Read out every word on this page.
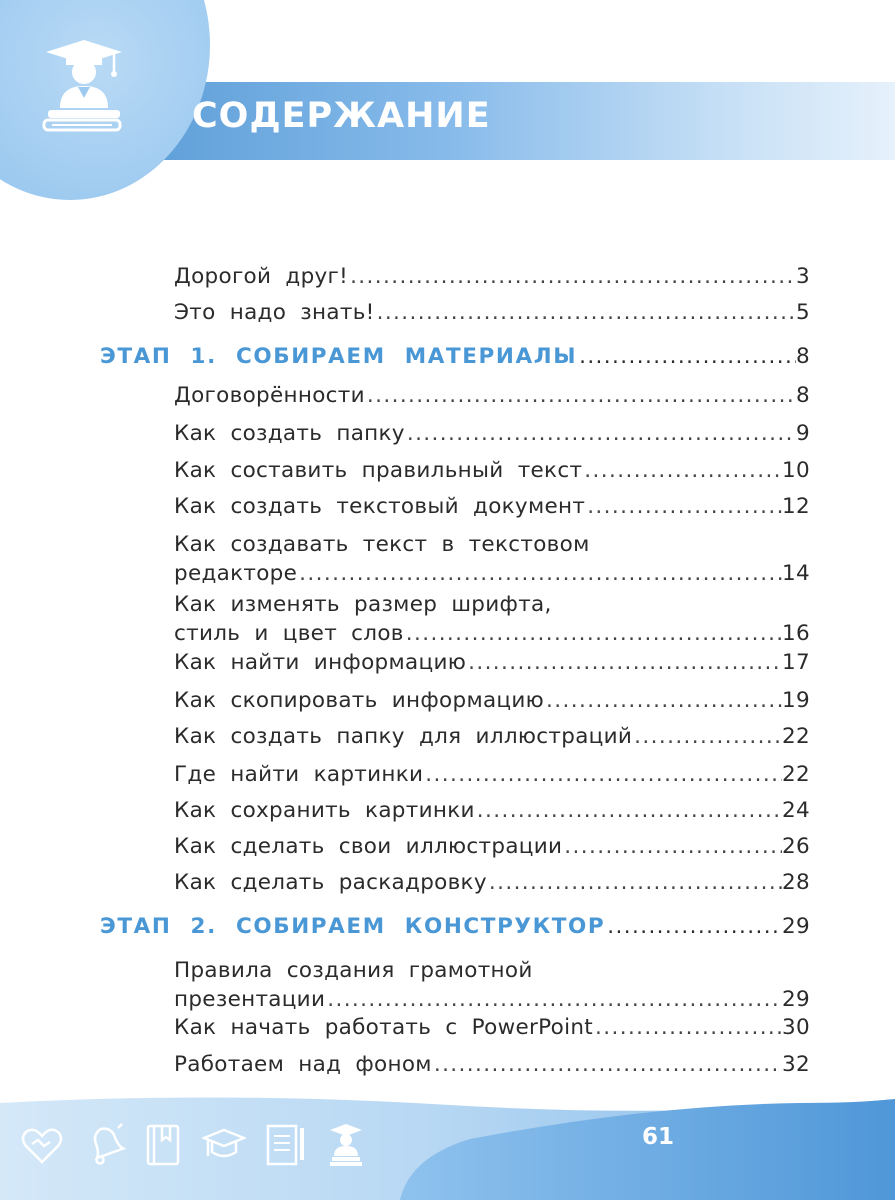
СОДЕРЖАНИЕ
Дорогой друг! .....	3
Это надо знать! .....	5
ЭТАП 1. СОБИРАЕМ МАТЕРИАЛЫ .....	8
Договорённости .....	8
Как создать папку .....	9
Как составить правильный текст .....	10
Как создать текстовый документ .....	12
Как создавать текст в текстовом
редакторе .....	14
Как изменять размер шрифта,
стиль и цвет слов .....	16
Как найти информацию .....	17
Как скопировать информацию .....	19
Как создать папку для иллюстраций .....	22
Где найти картинки .....	22
Как сохранить картинки .....	24
Как сделать свои иллюстрации .....	26
Как сделать раскадровку .....	28
ЭТАП 2. СОБИРАЕМ КОНСТРУКТОР .....	29
Правила создания грамотной
презентации .....	29
Как начать работать с PowerPoint .....	30
Работаем над фоном .....	32
61
